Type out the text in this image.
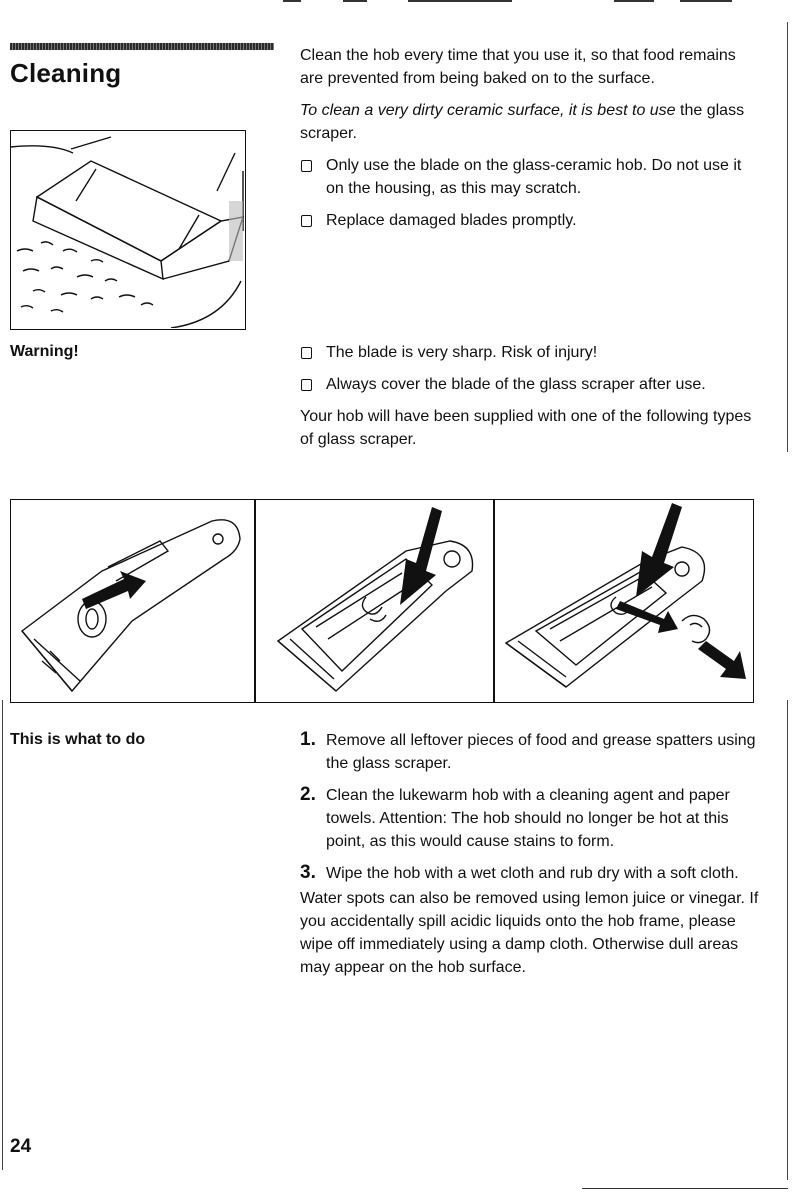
Cleaning

Clean the hob every time that you use it, so that food remains are prevented from being baked on to the surface.

To clean a very dirty ceramic surface, it is best to use the glass scraper.

Only use the blade on the glass-ceramic hob. Do not use it on the housing, as this may scratch.
Replace damaged blades promptly.
Warning!	The blade is very sharp. Risk of injury!
Always cover the blade of the glass scraper after use.

Your hob will have been supplied with one of the following types of glass scraper.

This is what to do	1. Remove all leftover pieces of food and grease spatters using the glass scraper.
2. Clean the lukewarm hob with a cleaning agent and paper towels. Attention: The hob should no longer be hot at this point, as this would cause stains to form.
3. Wipe the hob with a wet cloth and rub dry with a soft cloth.

Water spots can also be removed using lemon juice or vinegar. If you accidentally spill acidic liquids onto the hob frame, please wipe off immediately using a damp cloth. Otherwise dull areas may appear on the hob surface.

24
